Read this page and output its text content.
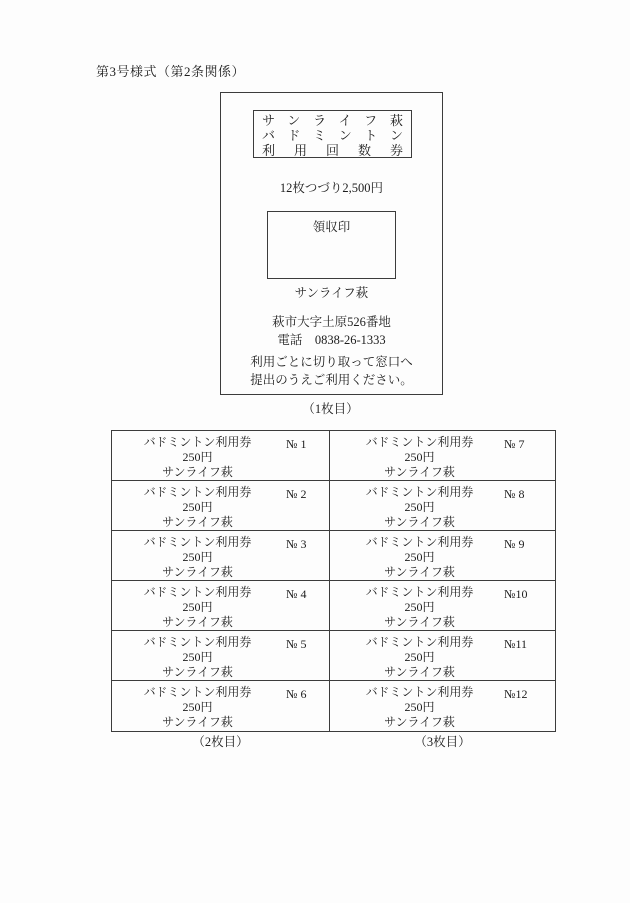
第3号様式（第2条関係）
サンライフ萩
バドミントン
利用回数券
12枚つづり2,500円
領収印
サンライフ萩
萩市大字土原526番地
電話　0838-26-1333
利用ごとに切り取って窓口へ
提出のうえご利用ください。
（1枚目）
バドミントン利用券
250円
サンライフ萩
№ 1
バドミントン利用券
250円
サンライフ萩
№ 2
バドミントン利用券
250円
サンライフ萩
№ 3
バドミントン利用券
250円
サンライフ萩
№ 4
バドミントン利用券
250円
サンライフ萩
№ 5
バドミントン利用券
250円
サンライフ萩
№ 6
バドミントン利用券
250円
サンライフ萩
№ 7
バドミントン利用券
250円
サンライフ萩
№ 8
バドミントン利用券
250円
サンライフ萩
№ 9
バドミントン利用券
250円
サンライフ萩
№10
バドミントン利用券
250円
サンライフ萩
№11
バドミントン利用券
250円
サンライフ萩
№12
（2枚目）	（3枚目）
